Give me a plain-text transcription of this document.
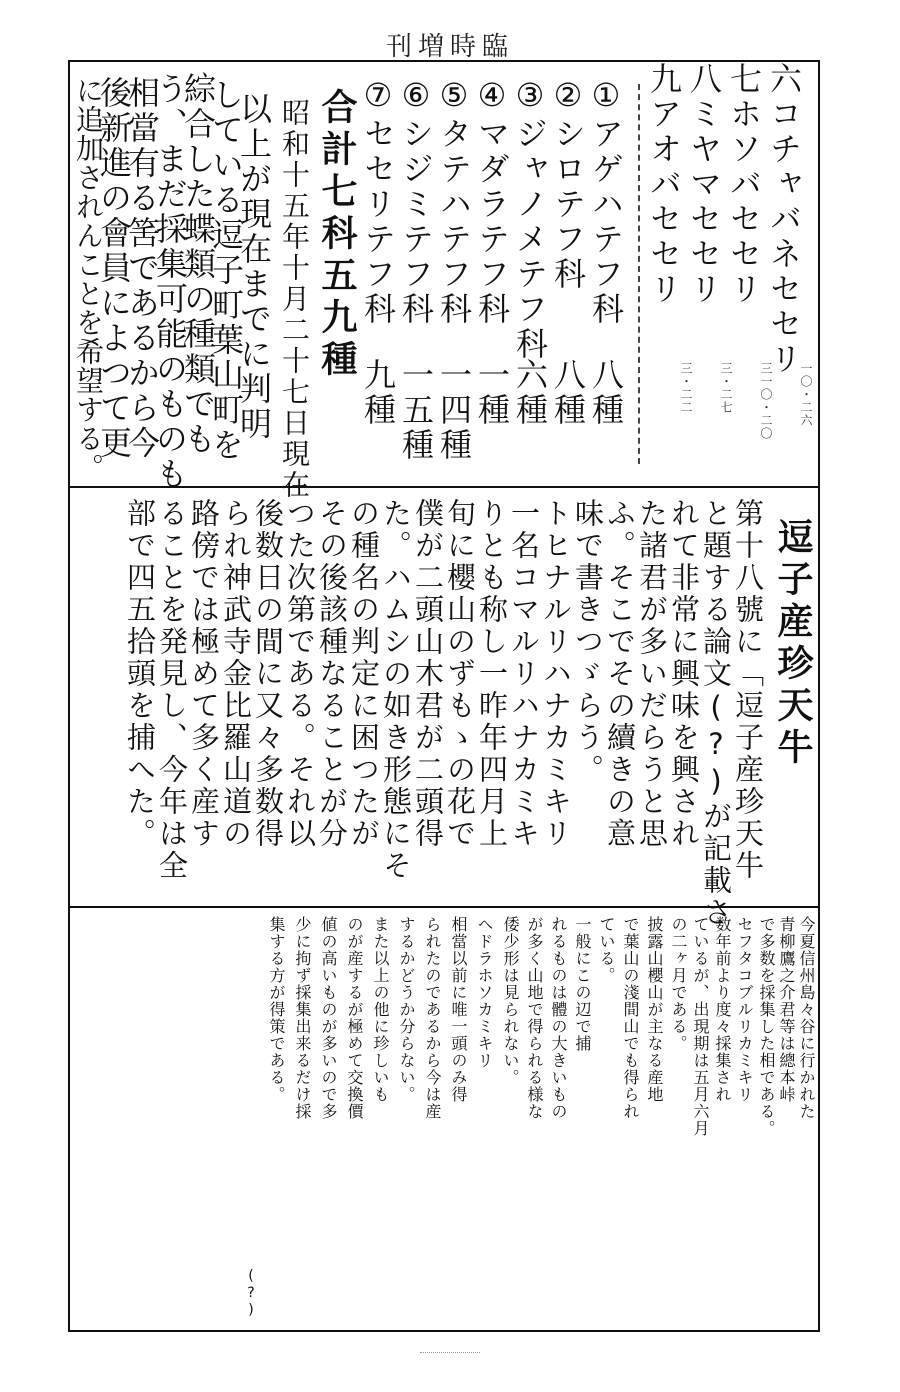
刊増時臨
六コチャバネセセリ
一〇・二六
七ホソバセセリ
三一〇・二〇
八ミヤマセセリ
三・二七
九アオバセセリ
三・二二
①アゲハテフ科
八種
②シロテフ科
八種
③ジャノメテフ科
六種
④マダラテフ科
一種
⑤タテハテフ科
一四種
⑥シジミテフ科
一五種
⑦セセリテフ科
九種
合計七科五九種
昭和十五年十月二十七日現在
以上が現在までに判明
している逗子町葉山町を
綜合した蝶類の種類でも
う、まだ採集可能のものも
相當有る筈であるから今
後新進の會員によつて更
に追加されんことを希望する。
逗子産珍天牛
第十八號に「逗子産珍天牛
と題する論文(?)が記載さ
れて非常に興味を興され
た諸君が多いだらうと思
ふ。そこでその續きの意
味で書きつゞらう。
トヒナルリハナカミキリ
一名コマルリハナカミキ
りとも称し一昨年四月上
旬に櫻山のずもゝの花で
僕が二頭山木君が二頭得
た。ハムシの如き形態にそ
の種名の判定に困つたが
その後該種なることが分
つた次第である。それ以
後数日の間に又々多数得
られ神武寺金比羅山道の
路傍では極めて多く産す
ることを発見し、今年は全
部で四五拾頭を捕へた。
今夏信州島々谷に行かれた
青柳鷹之介君等は總本峠
で多数を採集した相である。
セフタコブルリカミキリ
数年前より度々採集され
ているが、出現期は五月六月
の二ヶ月である。
披露山櫻山が主なる産地
で葉山の淺間山でも得られ
ている。
一般にこの辺で捕
れるものは體の大きいもの
が多く山地で得られる様な
倭少形は見られない。
ヘドラホソカミキリ
相當以前に唯一頭のみ得
られたのであるから今は産
するかどうか分らない。
また以上の他に珍しいも
のが産するが極めて交換價
値の高いものが多いので多
少に拘ず採集出来るだけ採
集する方が得策である。
(?)
